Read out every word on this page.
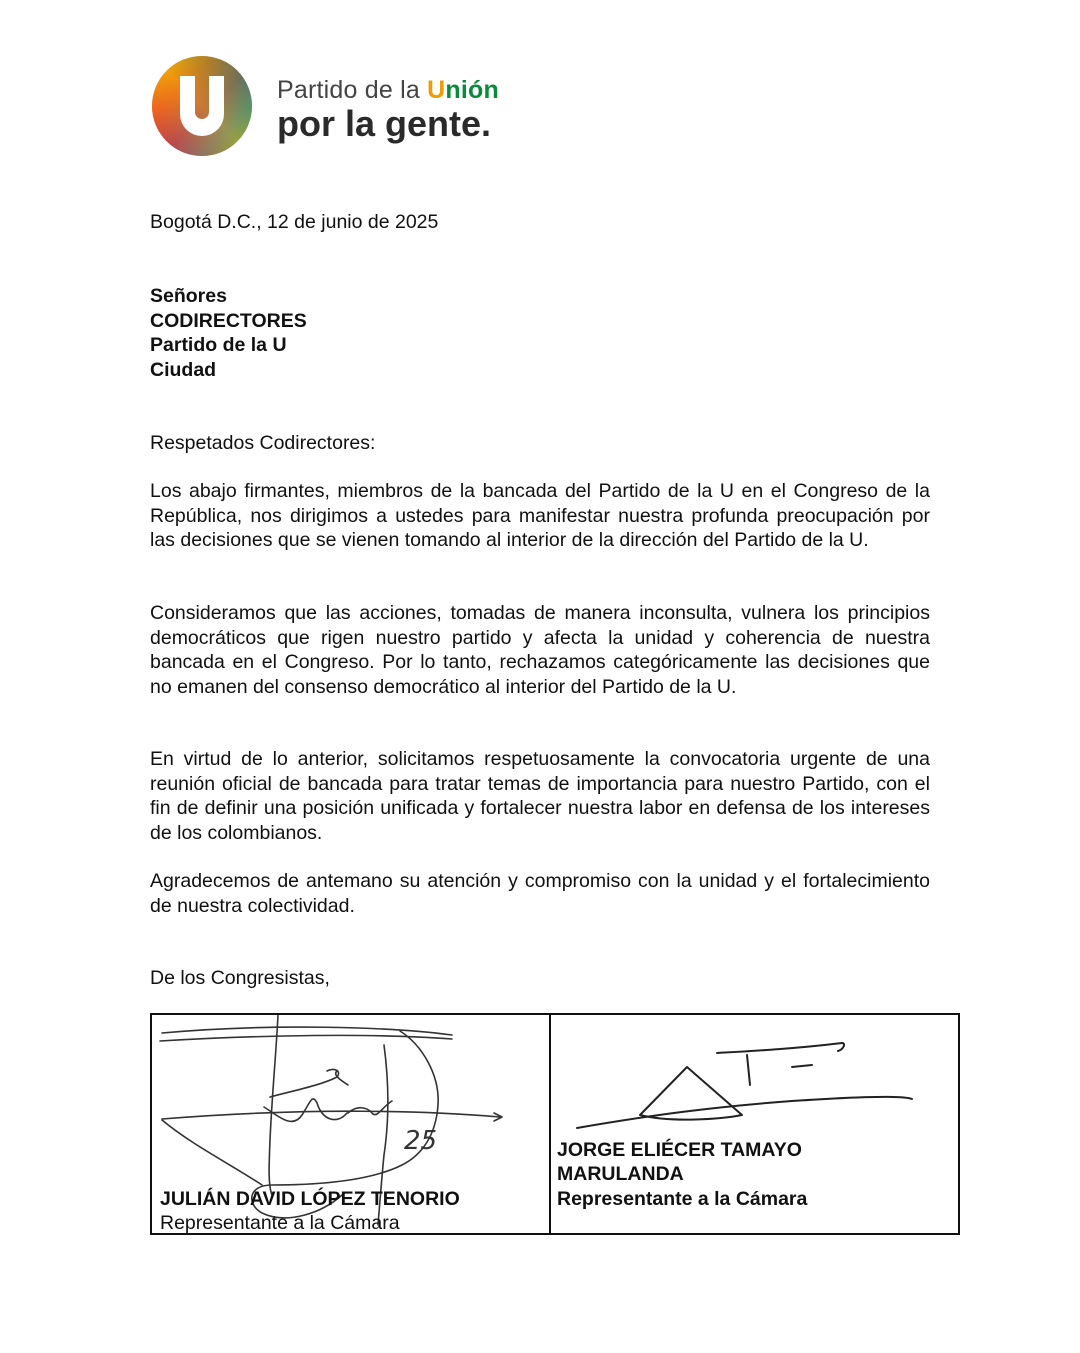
Partido de la Unión
por la gente.
Bogotá D.C., 12 de junio de 2025
Señores
CODIRECTORES
Partido de la U
Ciudad
Respetados Codirectores:
Los abajo firmantes, miembros de la bancada del Partido de la U en el Congreso de la República, nos dirigimos a ustedes para manifestar nuestra profunda preocupación por las decisiones que se vienen tomando al interior de la dirección del Partido de la U.
Consideramos que las acciones, tomadas de manera inconsulta, vulnera los principios democráticos que rigen nuestro partido y afecta la unidad y coherencia de nuestra bancada en el Congreso. Por lo tanto, rechazamos categóricamente las decisiones que no emanen del consenso democrático al interior del Partido de la U.
En virtud de lo anterior, solicitamos respetuosamente la convocatoria urgente de una reunión oficial de bancada para tratar temas de importancia para nuestro Partido, con el fin de definir una posición unificada y fortalecer nuestra labor en defensa de los intereses de los colombianos.
Agradecemos de antemano su atención y compromiso con la unidad y el fortalecimiento de nuestra colectividad.
De los Congresistas,
25
JULIÁN DAVID LÓPEZ TENORIO
Representante a la Cámara
JORGE ELIÉCER TAMAYO
MARULANDA
Representante a la Cámara
